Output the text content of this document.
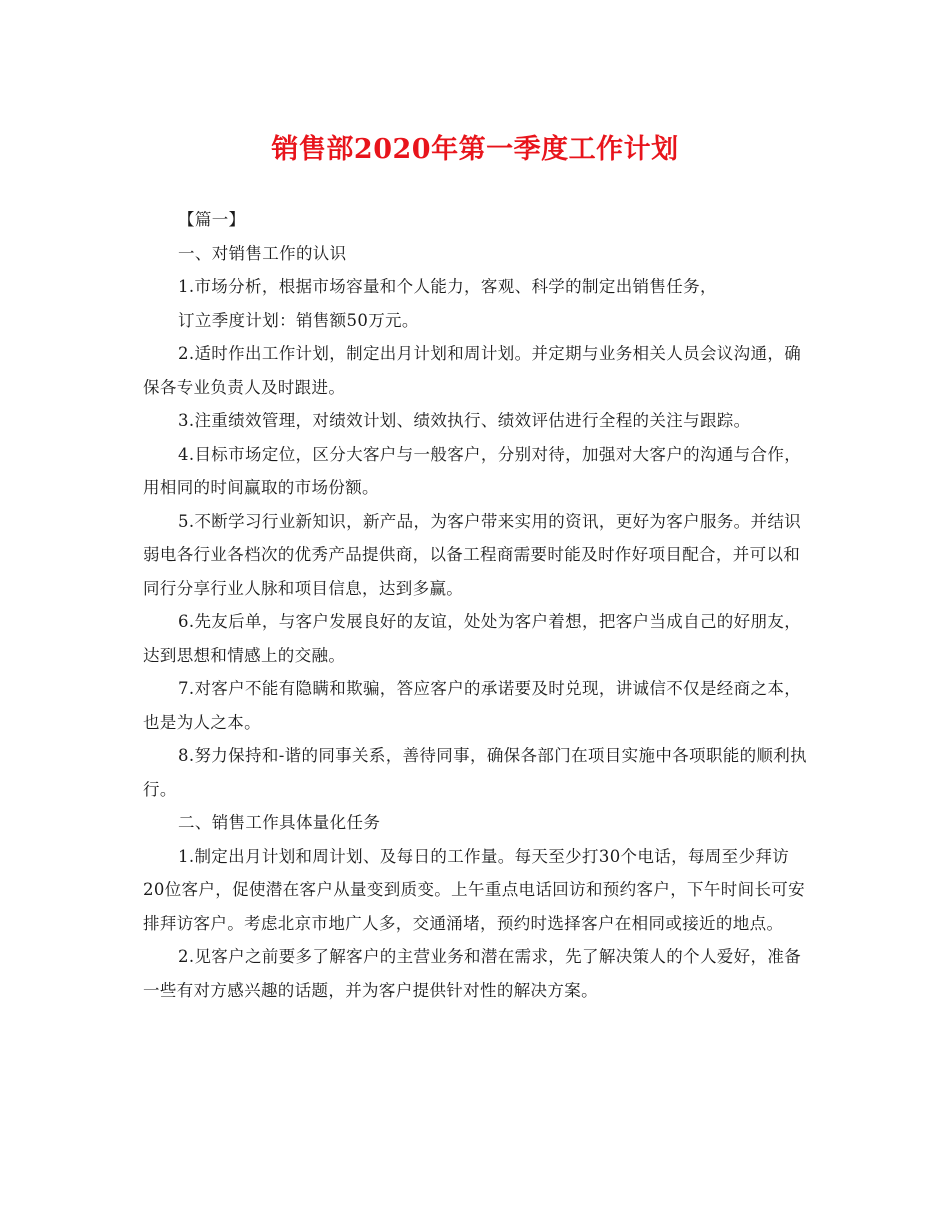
销售部2020年第一季度工作计划

【篇一】

一、对销售工作的认识

1.市场分析，根据市场容量和个人能力，客观、科学的制定出销售任务，

订立季度计划：销售额50万元。

2.适时作出工作计划，制定出月计划和周计划。并定期与业务相关人员会议沟通，确保各专业负责人及时跟进。

3.注重绩效管理，对绩效计划、绩效执行、绩效评估进行全程的关注与跟踪。

4.目标市场定位，区分大客户与一般客户，分别对待，加强对大客户的沟通与合作，用相同的时间赢取的市场份额。

5.不断学习行业新知识，新产品，为客户带来实用的资讯，更好为客户服务。并结识弱电各行业各档次的优秀产品提供商，以备工程商需要时能及时作好项目配合，并可以和同行分享行业人脉和项目信息，达到多赢。

6.先友后单，与客户发展良好的友谊，处处为客户着想，把客户当成自己的好朋友，达到思想和情感上的交融。

7.对客户不能有隐瞒和欺骗，答应客户的承诺要及时兑现，讲诚信不仅是经商之本，也是为人之本。

8.努力保持和-谐的同事关系，善待同事，确保各部门在项目实施中各项职能的顺利执行。

二、销售工作具体量化任务

1.制定出月计划和周计划、及每日的工作量。每天至少打30个电话，每周至少拜访20位客户，促使潜在客户从量变到质变。上午重点电话回访和预约客户，下午时间长可安排拜访客户。考虑北京市地广人多，交通涌堵，预约时选择客户在相同或接近的地点。

2.见客户之前要多了解客户的主营业务和潜在需求，先了解决策人的个人爱好，准备一些有对方感兴趣的话题，并为客户提供针对性的解决方案。
